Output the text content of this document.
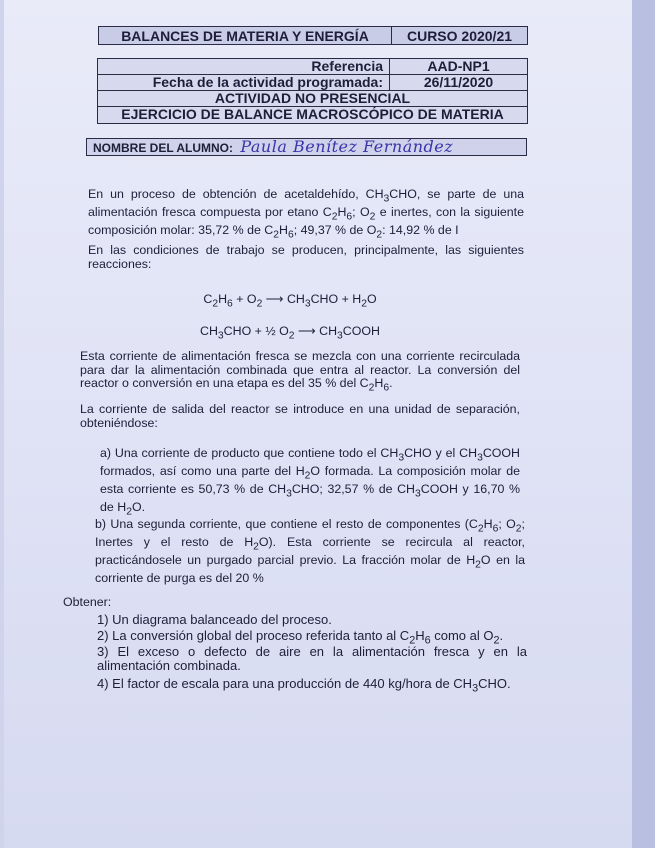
BALANCES DE MATERIA Y ENERGÍA	CURSO 2020/21
Referencia	AAD-NP1
Fecha de la actividad programada:	26/11/2020
ACTIVIDAD NO PRESENCIAL
EJERCICIO DE BALANCE MACROSCÓPICO DE MATERIA
NOMBRE DEL ALUMNO: Paula Benítez Fernández
En un proceso de obtención de acetaldehído, $CH_3CHO$, se parte de una alimentación fresca compuesta por etano $C_2H_6$; $O_2$ e inertes, con la siguiente composición molar: 35,72 % de $C_2H_6$; 49,37 % de $O_2$: 14,92 % de I
En las condiciones de trabajo se producen, principalmente, las siguientes reacciones:
$C_2H_6 + O_2$ ⟶ $CH_3CHO + H_2O$
$CH_3CHO$ + ½ $O_2$ ⟶ $CH_3COOH$
Esta corriente de alimentación fresca se mezcla con una corriente recirculada para dar la alimentación combinada que entra al reactor. La conversión del reactor o conversión en una etapa es del 35 % del $C_2H_6$.
La corriente de salida del reactor se introduce en una unidad de separación, obteniéndose:
a) Una corriente de producto que contiene todo el $CH_3CHO$ y el $CH_3COOH$ formados, así como una parte del $H_2O$ formada. La composición molar de esta corriente es 50,73 % de $CH_3CHO$; 32,57 % de $CH_3COOH$ y 16,70 % de $H_2O$.
b) Una segunda corriente, que contiene el resto de componentes ($C_2H_6$; $O_2$; Inertes y el resto de $H_2O$). Esta corriente se recircula al reactor, practicándosele un purgado parcial previo. La fracción molar de $H_2O$ en la corriente de purga es del 20 %
Obtener:
1) Un diagrama balanceado del proceso.
2) La conversión global del proceso referida tanto al $C_2H_6$ como al $O_2$.
3) El exceso o defecto de aire en la alimentación fresca y en la alimentación combinada.
4) El factor de escala para una producción de 440 kg/hora de $CH_3CHO$.
